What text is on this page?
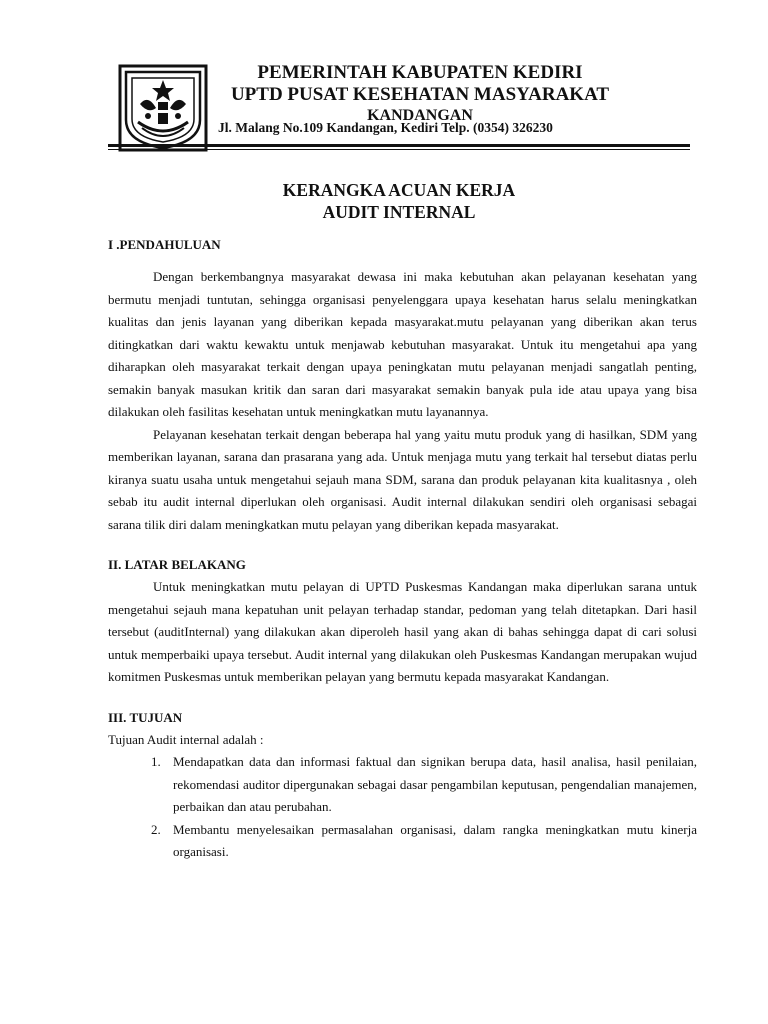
PEMERINTAH KABUPATEN KEDIRI
UPTD PUSAT KESEHATAN MASYARAKAT
KANDANGAN
Jl. Malang No.109 Kandangan, Kediri Telp. (0354) 326230
KERANGKA ACUAN KERJA
AUDIT INTERNAL
I .PENDAHULUAN

Dengan berkembangnya masyarakat dewasa ini maka kebutuhan akan pelayanan kesehatan yang bermutu menjadi tuntutan, sehingga organisasi penyelenggara upaya kesehatan harus selalu meningkatkan kualitas dan jenis layanan yang diberikan kepada masyarakat.mutu pelayanan yang diberikan akan terus ditingkatkan dari waktu kewaktu untuk menjawab kebutuhan masyarakat. Untuk itu mengetahui apa yang diharapkan oleh masyarakat terkait dengan upaya peningkatan mutu pelayanan menjadi sangatlah penting, semakin banyak masukan kritik dan saran dari masyarakat semakin banyak pula ide atau upaya yang bisa dilakukan oleh fasilitas kesehatan untuk meningkatkan mutu layanannya.

Pelayanan kesehatan terkait dengan beberapa hal yang yaitu mutu produk yang di hasilkan, SDM yang memberikan layanan, sarana dan prasarana yang ada. Untuk menjaga mutu yang terkait hal tersebut diatas perlu kiranya suatu usaha untuk mengetahui sejauh mana SDM, sarana dan produk pelayanan kita kualitasnya , oleh sebab itu audit internal diperlukan oleh organisasi. Audit internal dilakukan sendiri oleh organisasi sebagai sarana tilik diri dalam meningkatkan mutu pelayan yang diberikan kepada masyarakat.

II. LATAR BELAKANG

Untuk meningkatkan mutu pelayan di UPTD Puskesmas Kandangan maka diperlukan sarana untuk mengetahui sejauh mana kepatuhan unit pelayan terhadap standar, pedoman yang telah ditetapkan. Dari hasil tersebut (auditInternal) yang dilakukan akan diperoleh hasil yang akan di bahas sehingga dapat di cari solusi untuk memperbaiki upaya tersebut. Audit internal yang dilakukan oleh Puskesmas Kandangan merupakan wujud komitmen Puskesmas untuk memberikan pelayan yang bermutu kepada masyarakat Kandangan.

III. TUJUAN

Tujuan Audit internal adalah :

1. Mendapatkan data dan informasi faktual dan signikan berupa data, hasil analisa, hasil penilaian, rekomendasi auditor dipergunakan sebagai dasar pengambilan keputusan, pengendalian manajemen, perbaikan dan atau perubahan.
2. Membantu menyelesaikan permasalahan organisasi, dalam rangka meningkatkan mutu kinerja organisasi.
